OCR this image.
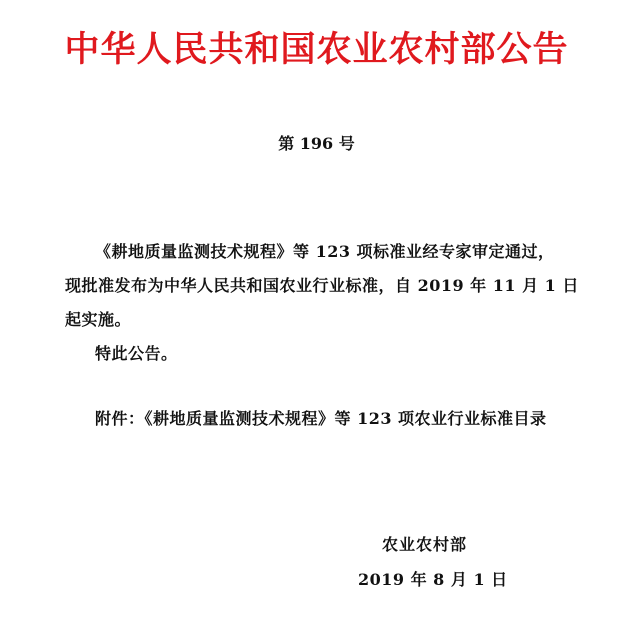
中华人民共和国农业农村部公告
第 196 号
《耕地质量监测技术规程》等 123 项标准业经专家审定通过，
现批准发布为中华人民共和国农业行业标准，自 2019 年 11 月 1 日
起实施。
特此公告。
附件：《耕地质量监测技术规程》等 123 项农业行业标准目录
农业农村部
2019 年 8 月 1 日
